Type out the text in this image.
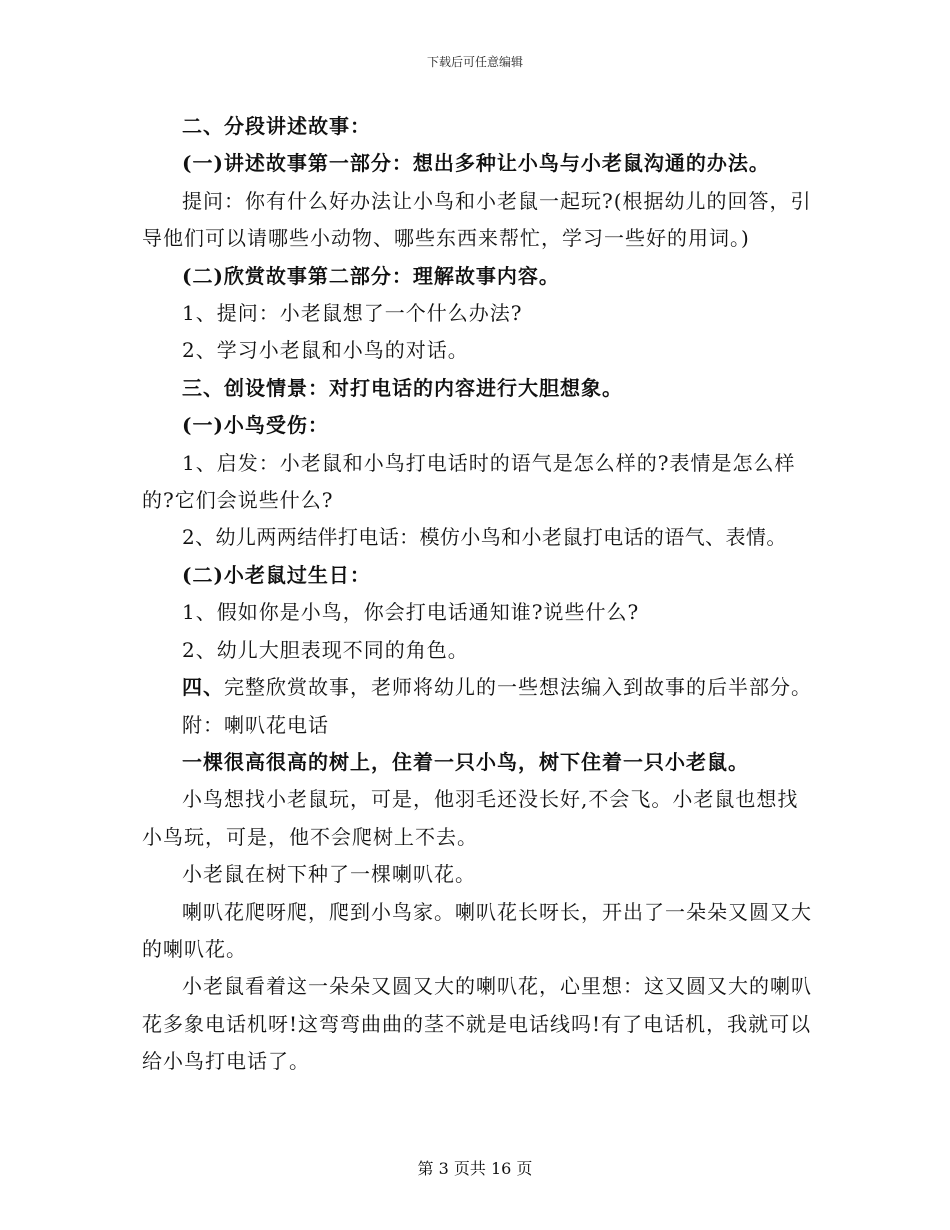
下载后可任意编辑

二、分段讲述故事：

(一)讲述故事第一部分：想出多种让小鸟与小老鼠沟通的办法。

提问：你有什么好办法让小鸟和小老鼠一起玩?(根据幼儿的回答，引导他们可以请哪些小动物、哪些东西来帮忙，学习一些好的用词。)

(二)欣赏故事第二部分：理解故事内容。

1、提问：小老鼠想了一个什么办法?

2、学习小老鼠和小鸟的对话。

三、创设情景：对打电话的内容进行大胆想象。

(一)小鸟受伤：

1、启发：小老鼠和小鸟打电话时的语气是怎么样的?表情是怎么样的?它们会说些什么?

2、幼儿两两结伴打电话：模仿小鸟和小老鼠打电话的语气、表情。

(二)小老鼠过生日：

1、假如你是小鸟，你会打电话通知谁?说些什么?

2、幼儿大胆表现不同的角色。

四、完整欣赏故事，老师将幼儿的一些想法编入到故事的后半部分。

附：喇叭花电话

一棵很高很高的树上，住着一只小鸟，树下住着一只小老鼠。

小鸟想找小老鼠玩，可是，他羽毛还没长好,不会飞。小老鼠也想找小鸟玩，可是，他不会爬树上不去。

小老鼠在树下种了一棵喇叭花。

喇叭花爬呀爬，爬到小鸟家。喇叭花长呀长，开出了一朵朵又圆又大的喇叭花。

小老鼠看着这一朵朵又圆又大的喇叭花，心里想：这又圆又大的喇叭花多象电话机呀!这弯弯曲曲的茎不就是电话线吗!有了电话机，我就可以给小鸟打电话了。

第 3 页共 16 页
